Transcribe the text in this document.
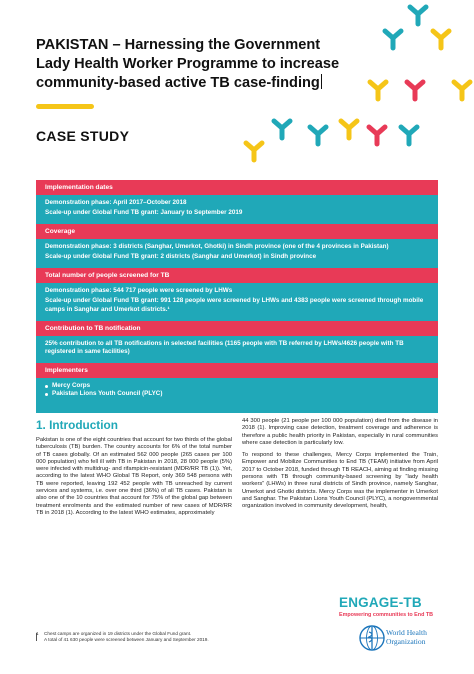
PAKISTAN – Harnessing the Government
Lady Health Worker Programme to increase
community-based active TB case-finding
CASE STUDY
Implementation dates

Demonstration phase: April 2017–October 2018

Scale-up under Global Fund TB grant: January to September 2019

Coverage

Demonstration phase: 3 districts (Sanghar, Umerkot, Ghotki) in Sindh province (one of the 4 provinces in Pakistan)

Scale-up under Global Fund TB grant: 2 districts (Sanghar and Umerkot) in Sindh province

Total number of people screened for TB

Demonstration phase: 544 717 people were screened by LHWs

Scale-up under Global Fund TB grant: 991 128 people were screened by LHWs and 4383 people were screened through mobile camps in Sanghar and Umerkot districts.¹

Contribution to TB notification

25% contribution to all TB notifications in selected facilities (1165 people with TB referred by LHWs/4626 people with TB registered in same facilities)

Implementers
Mercy Corps
Pakistan Lions Youth Council (PLYC)
1. Introduction

Pakistan is one of the eight countries that account for two thirds of the global tuberculosis (TB) burden. The country accounts for 6% of the total number of TB cases globally. Of an estimated 562 000 people (265 cases per 100 000 population) who fell ill with TB in Pakistan in 2018, 28 000 people (5%) were infected with multidrug- and rifampicin-resistant (MDR/RR TB (1)). Yet, according to the latest WHO Global TB Report, only 369 548 persons with TB were reported, leaving 192 452 people with TB unreached by current services and systems, i.e. over one third (36%) of all TB cases. Pakistan is also one of the 10 countries that account for 75% of the global gap between treatment enrolments and the estimated number of new cases of MDR/RR TB in 2018 (1). According to the latest WHO estimates, approximately

44 300 people (21 people per 100 000 population) died from the disease in 2018 (1). Improving case detection, treatment coverage and adherence is therefore a public health priority in Pakistan, especially in rural communities where case detection is particularly low.

To respond to these challenges, Mercy Corps implemented the Train, Empower and Mobilize Communities to End TB (TEAM) initiative from April 2017 to October 2018, funded through TB REACH, aiming at finding missing persons with TB through community-based screening by “lady health workers” (LHWs) in three rural districts of Sindh province, namely Sanghar, Umerkot and Ghotki districts. Mercy Corps was the implementer in Umerkot and Sanghar. The Pakistan Lions Youth Council (PLYC), a nongovernmental organization involved in community development, health,

1 Chest camps are organized in 19 districts under the Global Fund grant.

A total of 41 630 people were screened between January and September 2019.

ENGAGE-TB
Empowering communities to End TB
World Health
Organization
